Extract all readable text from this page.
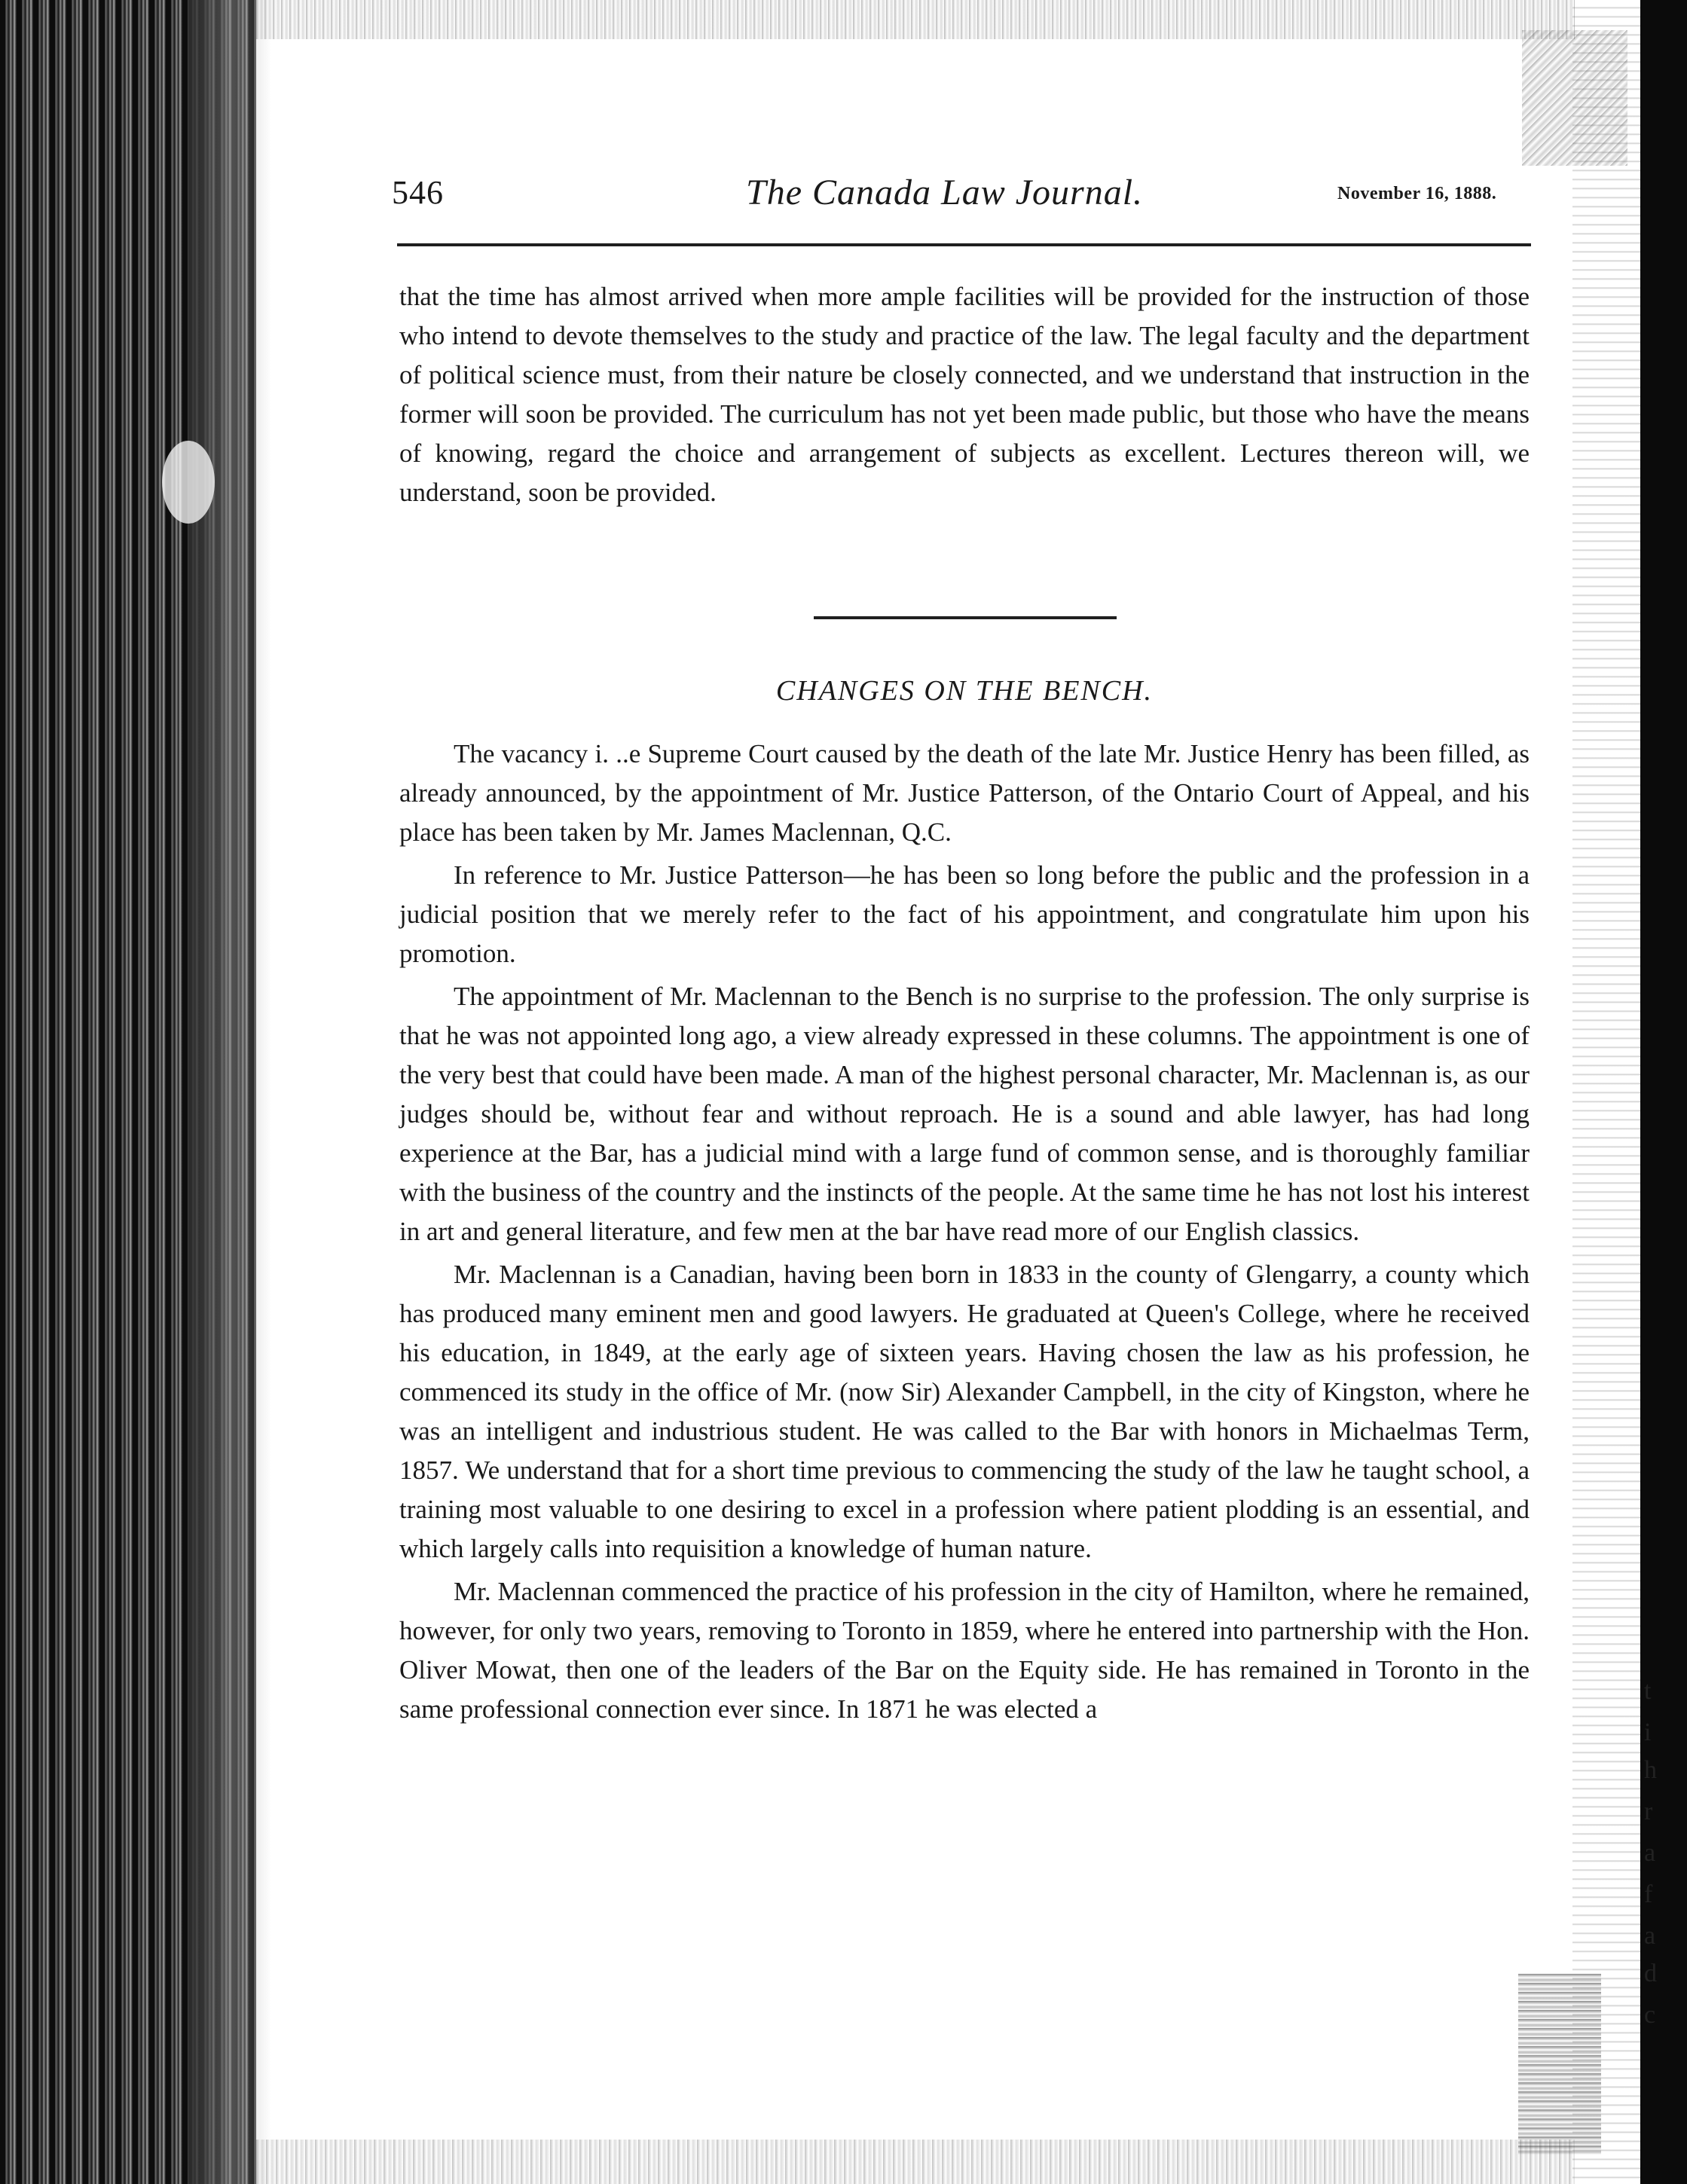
t
i
h
r
a
f
a
d
c
546	The Canada Law Journal.	November 16, 1888.

that the time has almost arrived when more ample facilities will be provided for the instruction of those who intend to devote themselves to the study and practice of the law. The legal faculty and the department of political science must, from their nature be closely connected, and we understand that instruction in the former will soon be provided. The curriculum has not yet been made public, but those who have the means of knowing, regard the choice and arrangement of subjects as excellent. Lectures thereon will, we understand, soon be provided.

CHANGES ON THE BENCH.

The vacancy i. ..e Supreme Court caused by the death of the late Mr. Justice Henry has been filled, as already announced, by the appointment of Mr. Justice Patterson, of the Ontario Court of Appeal, and his place has been taken by Mr. James Maclennan, Q.C.

In reference to Mr. Justice Patterson—he has been so long before the public and the profession in a judicial position that we merely refer to the fact of his appointment, and congratulate him upon his promotion.

The appointment of Mr. Maclennan to the Bench is no surprise to the profession. The only surprise is that he was not appointed long ago, a view already expressed in these columns. The appointment is one of the very best that could have been made. A man of the highest personal character, Mr. Maclennan is, as our judges should be, without fear and without reproach. He is a sound and able lawyer, has had long experience at the Bar, has a judicial mind with a large fund of common sense, and is thoroughly familiar with the business of the country and the instincts of the people. At the same time he has not lost his interest in art and general literature, and few men at the bar have read more of our English classics.

Mr. Maclennan is a Canadian, having been born in 1833 in the county of Glengarry, a county which has produced many eminent men and good lawyers. He graduated at Queen's College, where he received his education, in 1849, at the early age of sixteen years. Having chosen the law as his profession, he commenced its study in the office of Mr. (now Sir) Alexander Campbell, in the city of Kingston, where he was an intelligent and industrious student. He was called to the Bar with honors in Michaelmas Term, 1857. We understand that for a short time previous to commencing the study of the law he taught school, a training most valuable to one desiring to excel in a profession where patient plodding is an essential, and which largely calls into requisition a knowledge of human nature.

Mr. Maclennan commenced the practice of his profession in the city of Hamilton, where he remained, however, for only two years, removing to Toronto in 1859, where he entered into partnership with the Hon. Oliver Mowat, then one of the leaders of the Bar on the Equity side. He has remained in Toronto in the same professional connection ever since. In 1871 he was elected a
